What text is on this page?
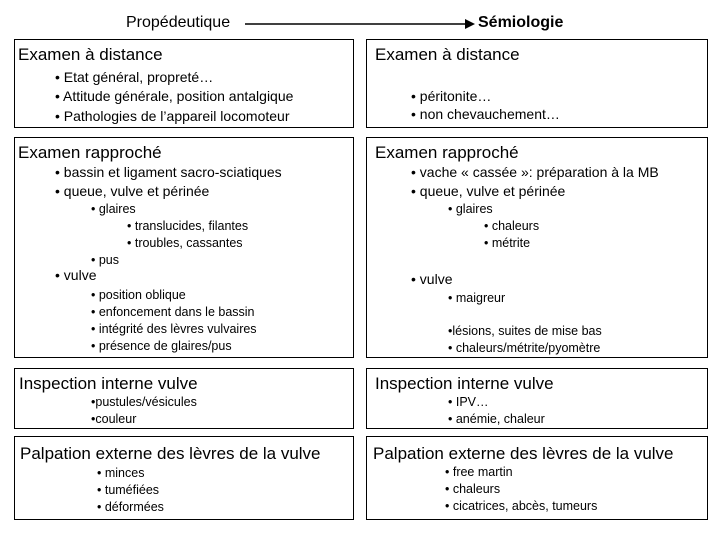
Propédeutique	Sémiologie
Examen à distance
• Etat général, propreté…
• Attitude générale, position antalgique
• Pathologies de l’appareil locomoteur
Examen rapproché
• bassin et ligament sacro-sciatiques
• queue, vulve et périnée
• glaires
• translucides, filantes
• troubles, cassantes
• pus
• vulve
• position oblique
• enfoncement dans le bassin
• intégrité des lèvres vulvaires
• présence de glaires/pus
Inspection interne vulve
•pustules/vésicules
•couleur
Palpation externe des lèvres de la vulve
• minces
• tuméfiées
• déformées
Examen à distance
• péritonite…
• non chevauchement…
Examen rapproché
• vache « cassée »: préparation à la MB
• queue, vulve et périnée
• glaires
• chaleurs
• métrite
• vulve
• maigreur
•lésions, suites de mise bas
• chaleurs/métrite/pyomètre
Inspection interne vulve
• IPV…
• anémie, chaleur
Palpation externe des lèvres de la vulve
• free martin
• chaleurs
• cicatrices, abcès, tumeurs
